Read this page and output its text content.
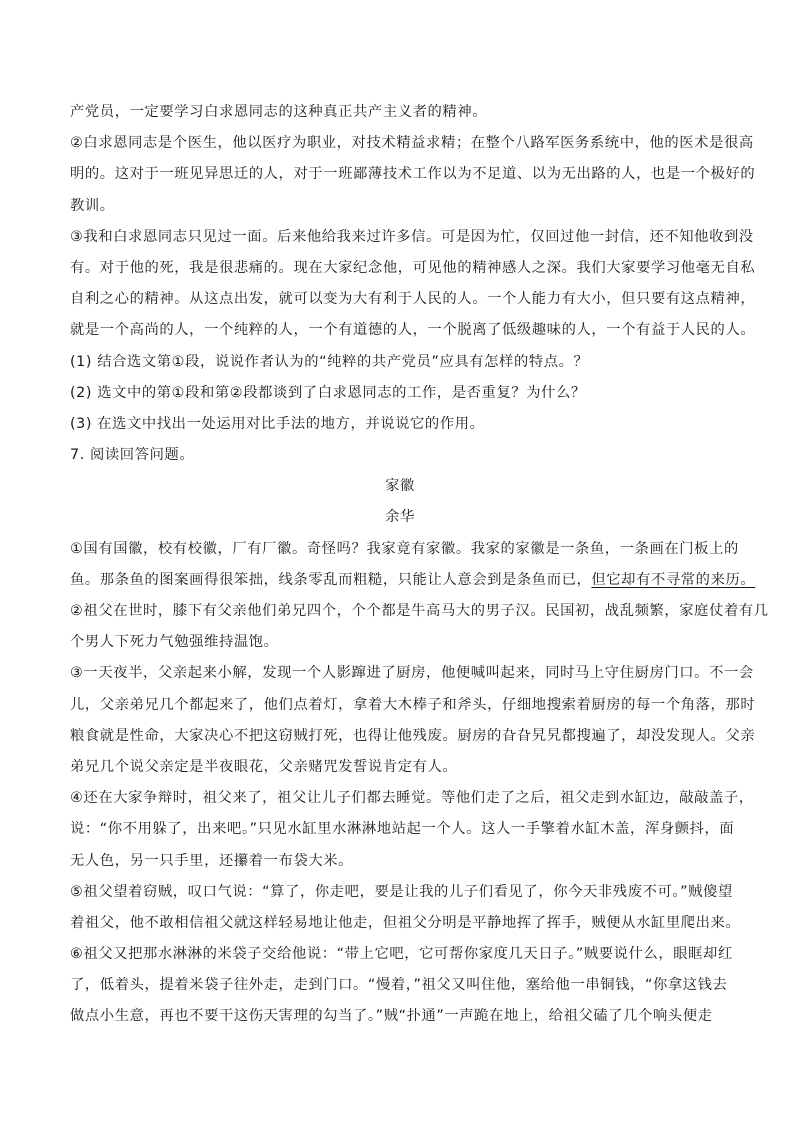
产党员，一定要学习白求恩同志的这种真正共产主义者的精神。
②白求恩同志是个医生，他以医疗为职业，对技术精益求精；在整个八路军医务系统中，他的医术是很高
明的。这对于一班见异思迁的人，对于一班鄙薄技术工作以为不足道、以为无出路的人，也是一个极好的
教训。
③我和白求恩同志只见过一面。后来他给我来过许多信。可是因为忙，仅回过他一封信，还不知他收到没
有。对于他的死，我是很悲痛的。现在大家纪念他，可见他的精神感人之深。我们大家要学习他毫无自私
自利之心的精神。从这点出发，就可以变为大有利于人民的人。一个人能力有大小，但只要有这点精神，
就是一个高尚的人，一个纯粹的人，一个有道德的人，一个脱离了低级趣味的人，一个有益于人民的人。
(1) 结合选文第①段，说说作者认为的“纯粹的共产党员”应具有怎样的特点。？
(2) 选文中的第①段和第②段都谈到了白求恩同志的工作，是否重复？为什么？
(3) 在选文中找出一处运用对比手法的地方，并说说它的作用。
7. 阅读回答问题。
家徽
余华
①国有国徽，校有校徽，厂有厂徽。奇怪吗？我家竟有家徽。我家的家徽是一条鱼，一条画在门板上的
鱼。那条鱼的图案画得很笨拙，线条零乱而粗糙，只能让人意会到是条鱼而已，但它却有不寻常的来历。
②祖父在世时，膝下有父亲他们弟兄四个，个个都是牛高马大的男子汉。民国初，战乱频繁，家庭仗着有几
个男人下死力气勉强维持温饱。
③一天夜半，父亲起来小解，发现一个人影蹿进了厨房，他便喊叫起来，同时马上守住厨房门口。不一会
儿，父亲弟兄几个都起来了，他们点着灯，拿着大木棒子和斧头，仔细地搜索着厨房的每一个角落，那时
粮食就是性命，大家决心不把这窃贼打死，也得让他残废。厨房的旮旮旯旯都搜遍了，却没发现人。父亲
弟兄几个说父亲定是半夜眼花，父亲赌咒发誓说肯定有人。
④还在大家争辩时，祖父来了，祖父让儿子们都去睡觉。等他们走了之后，祖父走到水缸边，敲敲盖子，
说：“你不用躲了，出来吧。”只见水缸里水淋淋地站起一个人。这人一手擎着水缸木盖，浑身颤抖，面
无人色，另一只手里，还攥着一布袋大米。
⑤祖父望着窃贼，叹口气说：“算了，你走吧，要是让我的儿子们看见了，你今天非残废不可。”贼傻望
着祖父，他不敢相信祖父就这样轻易地让他走，但祖父分明是平静地挥了挥手，贼便从水缸里爬出来。
⑥祖父又把那水淋淋的米袋子交给他说：“带上它吧，它可帮你家度几天日子。”贼要说什么，眼眶却红
了，低着头，提着米袋子往外走，走到门口。“慢着，”祖父又叫住他，塞给他一串铜钱，“你拿这钱去
做点小生意，再也不要干这伤天害理的勾当了。”贼“扑通”一声跪在地上，给祖父磕了几个响头便走
